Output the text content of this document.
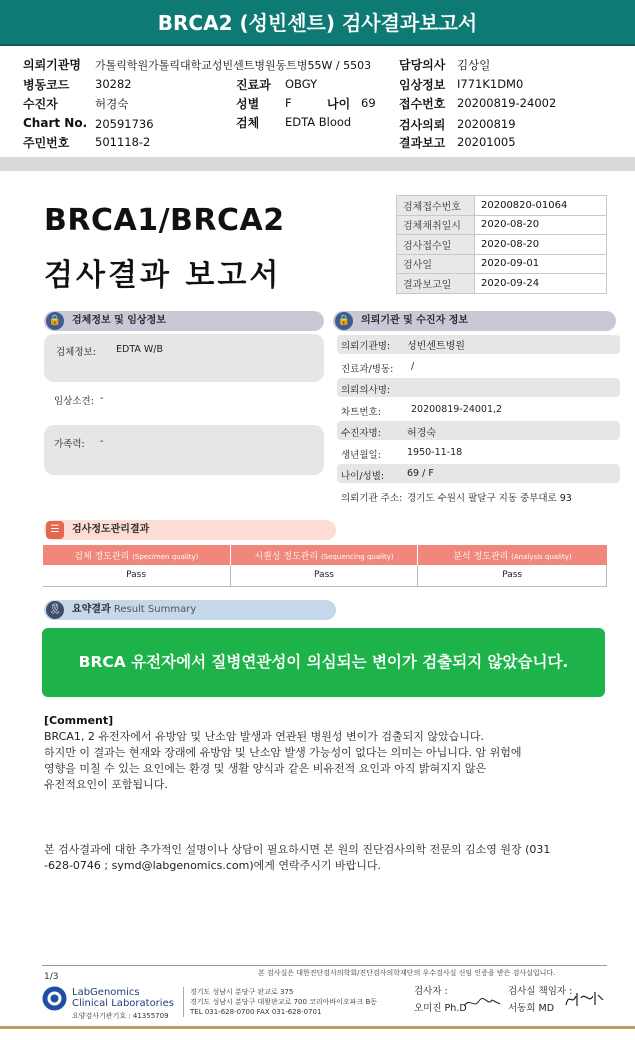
BRCA2 (성빈센트) 검사결과보고서
의뢰기관명 가톨릭학원가톨릭대학교성빈센트병원동트병55W / 5503 담당의사 김상일
병동코드 30282	진료과 OBGY	임상정보 I771K1DM0
수진자	허경숙	성별 F	나이 69 접수번호 20200819-24002
Chart No. 20591736	검체 EDTA Blood	검사의뢰 20200819
주민번호 501118-2	결과보고 20201005
BRCA1/BRCA2
검사결과 보고서
검체접수번호	20200820-01064
검체채취일시	2020-08-20
검사접수일	2020-08-20
검사일	2020-09-01
결과보고일	2020-09-24
🔒 검체정보 및 임상정보
검체정보: EDTA W/B
임상소견: -
가족력: -
🔒 의뢰기관 및 수진자 정보
의뢰기관명: 성빈센트병원
진료과/병동: /
의뢰의사명:
차트번호:	20200819-24001,2
수진자명:	허경숙
생년월일:	1950-11-18
나이/성별: 69 / F
의뢰기관 주소: 경기도 수원시 팔달구 지동 중부대로 93
☰	검사정도관리결과
검체 정도관리 (Specimen quality)	시퀀싱 정도관리 (Sequencing quality)	분석 정도관리 (Analysis quality)
Pass	Pass	Pass
🎗 요약결과 Result Summary
BRCA 유전자에서 질병연관성이 의심되는 변이가 검출되지 않았습니다.
[Comment]
BRCA1, 2 유전자에서 유방암 및 난소암 발생과 연관된 병원성 변이가 검출되지 않았습니다.
하지만 이 결과는 현재와 장래에 유방암 및 난소암 발생 가능성이 없다는 의미는 아닙니다. 암 위험에
영향을 미칠 수 있는 요인에는 환경 및 생활 양식과 같은 비유전적 요인과 아직 밝혀지지 않은
유전적요인이 포함됩니다.
본 검사결과에 대한 추가적인 설명이나 상담이 필요하시면 본 원의 진단검사의학 전문의 김소영 원장 (031
-628-0746 ; symd@labgenomics.com)에게 연락주시기 바랍니다.
본 검사실은 대한진단검사의학회/진단검사의학재단의 우수검사실 신임 인증을 받은 검사실입니다.
1/3
LabGenomics
Clinical Laboratories
요양검사기관기호 : 41355709
경기도 성남시 분당구 판교로 375
경기도 성남시 분당구 대왕판교로 700 코리아바이오파크 B동
TEL 031-628-0700 FAX 031-628-0701
검사자 :	검사실 책임자 :
오미진 Ph.D	서동희 MD
